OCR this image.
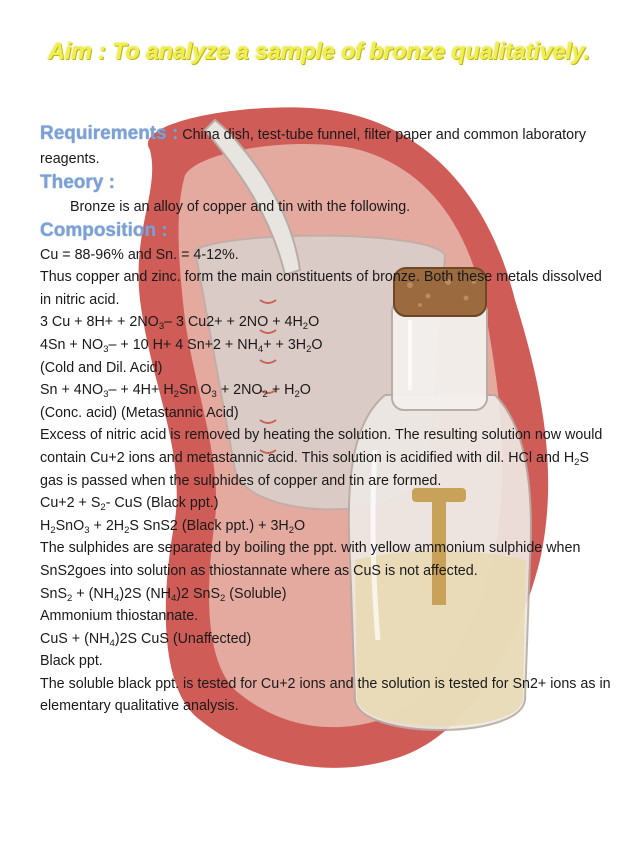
Aim : To analyze a sample of bronze qualitatively.

Requirements : China dish, test-tube funnel, filter paper and common laboratory reagents.

Theory :

Bronze is an alloy of copper and tin with the following.

Composition :

Cu = 88-96% and Sn. = 4-12%.

Thus copper and zinc. form the main constituents of bronze. Both these metals dissolved in nitric acid.

3 $Cu + 8H+ + 2NO_3-$ 3 $Cu2+ + 2NO + 4H_2O$

$4Sn + NO_3- + 10$ H+ 4 $Sn+2 + NH_4+ + 3H_2O$

(Cold and Dil. Acid)

$Sn + 4NO_3- + 4H+ H_2Sn$ $O_3 + 2NO_2 + H_2O$

(Conc. acid) (Metastannic Acid)

Excess of nitric acid is removed by heating the solution. The resulting solution now would contain Cu+2 ions and metastannic acid. This solution is acidified with dil. HCl and $H_2S$ gas is passed when the sulphides of copper and tin are formed.

$Cu+2 + S_2-$ CuS (Black ppt.)

$H_2SnO_3 + 2H_2S$ SnS2 (Black $ppt.) + 3H_2O$

The sulphides are separated by boiling the ppt. with yellow ammonium sulphide when SnS2goes into solution as thiostannate where as CuS is not affected.

$SnS_2 + (NH_4)2S$ $(NH_4)2$ SnS$_2$ (Soluble)

Ammonium thiostannate.

CuS + $(NH_4)2S$ CuS (Unaffected)

Black ppt.

The soluble black ppt. is tested for Cu+2 ions and the solution is tested for Sn2+ ions as in elementary qualitative analysis.
